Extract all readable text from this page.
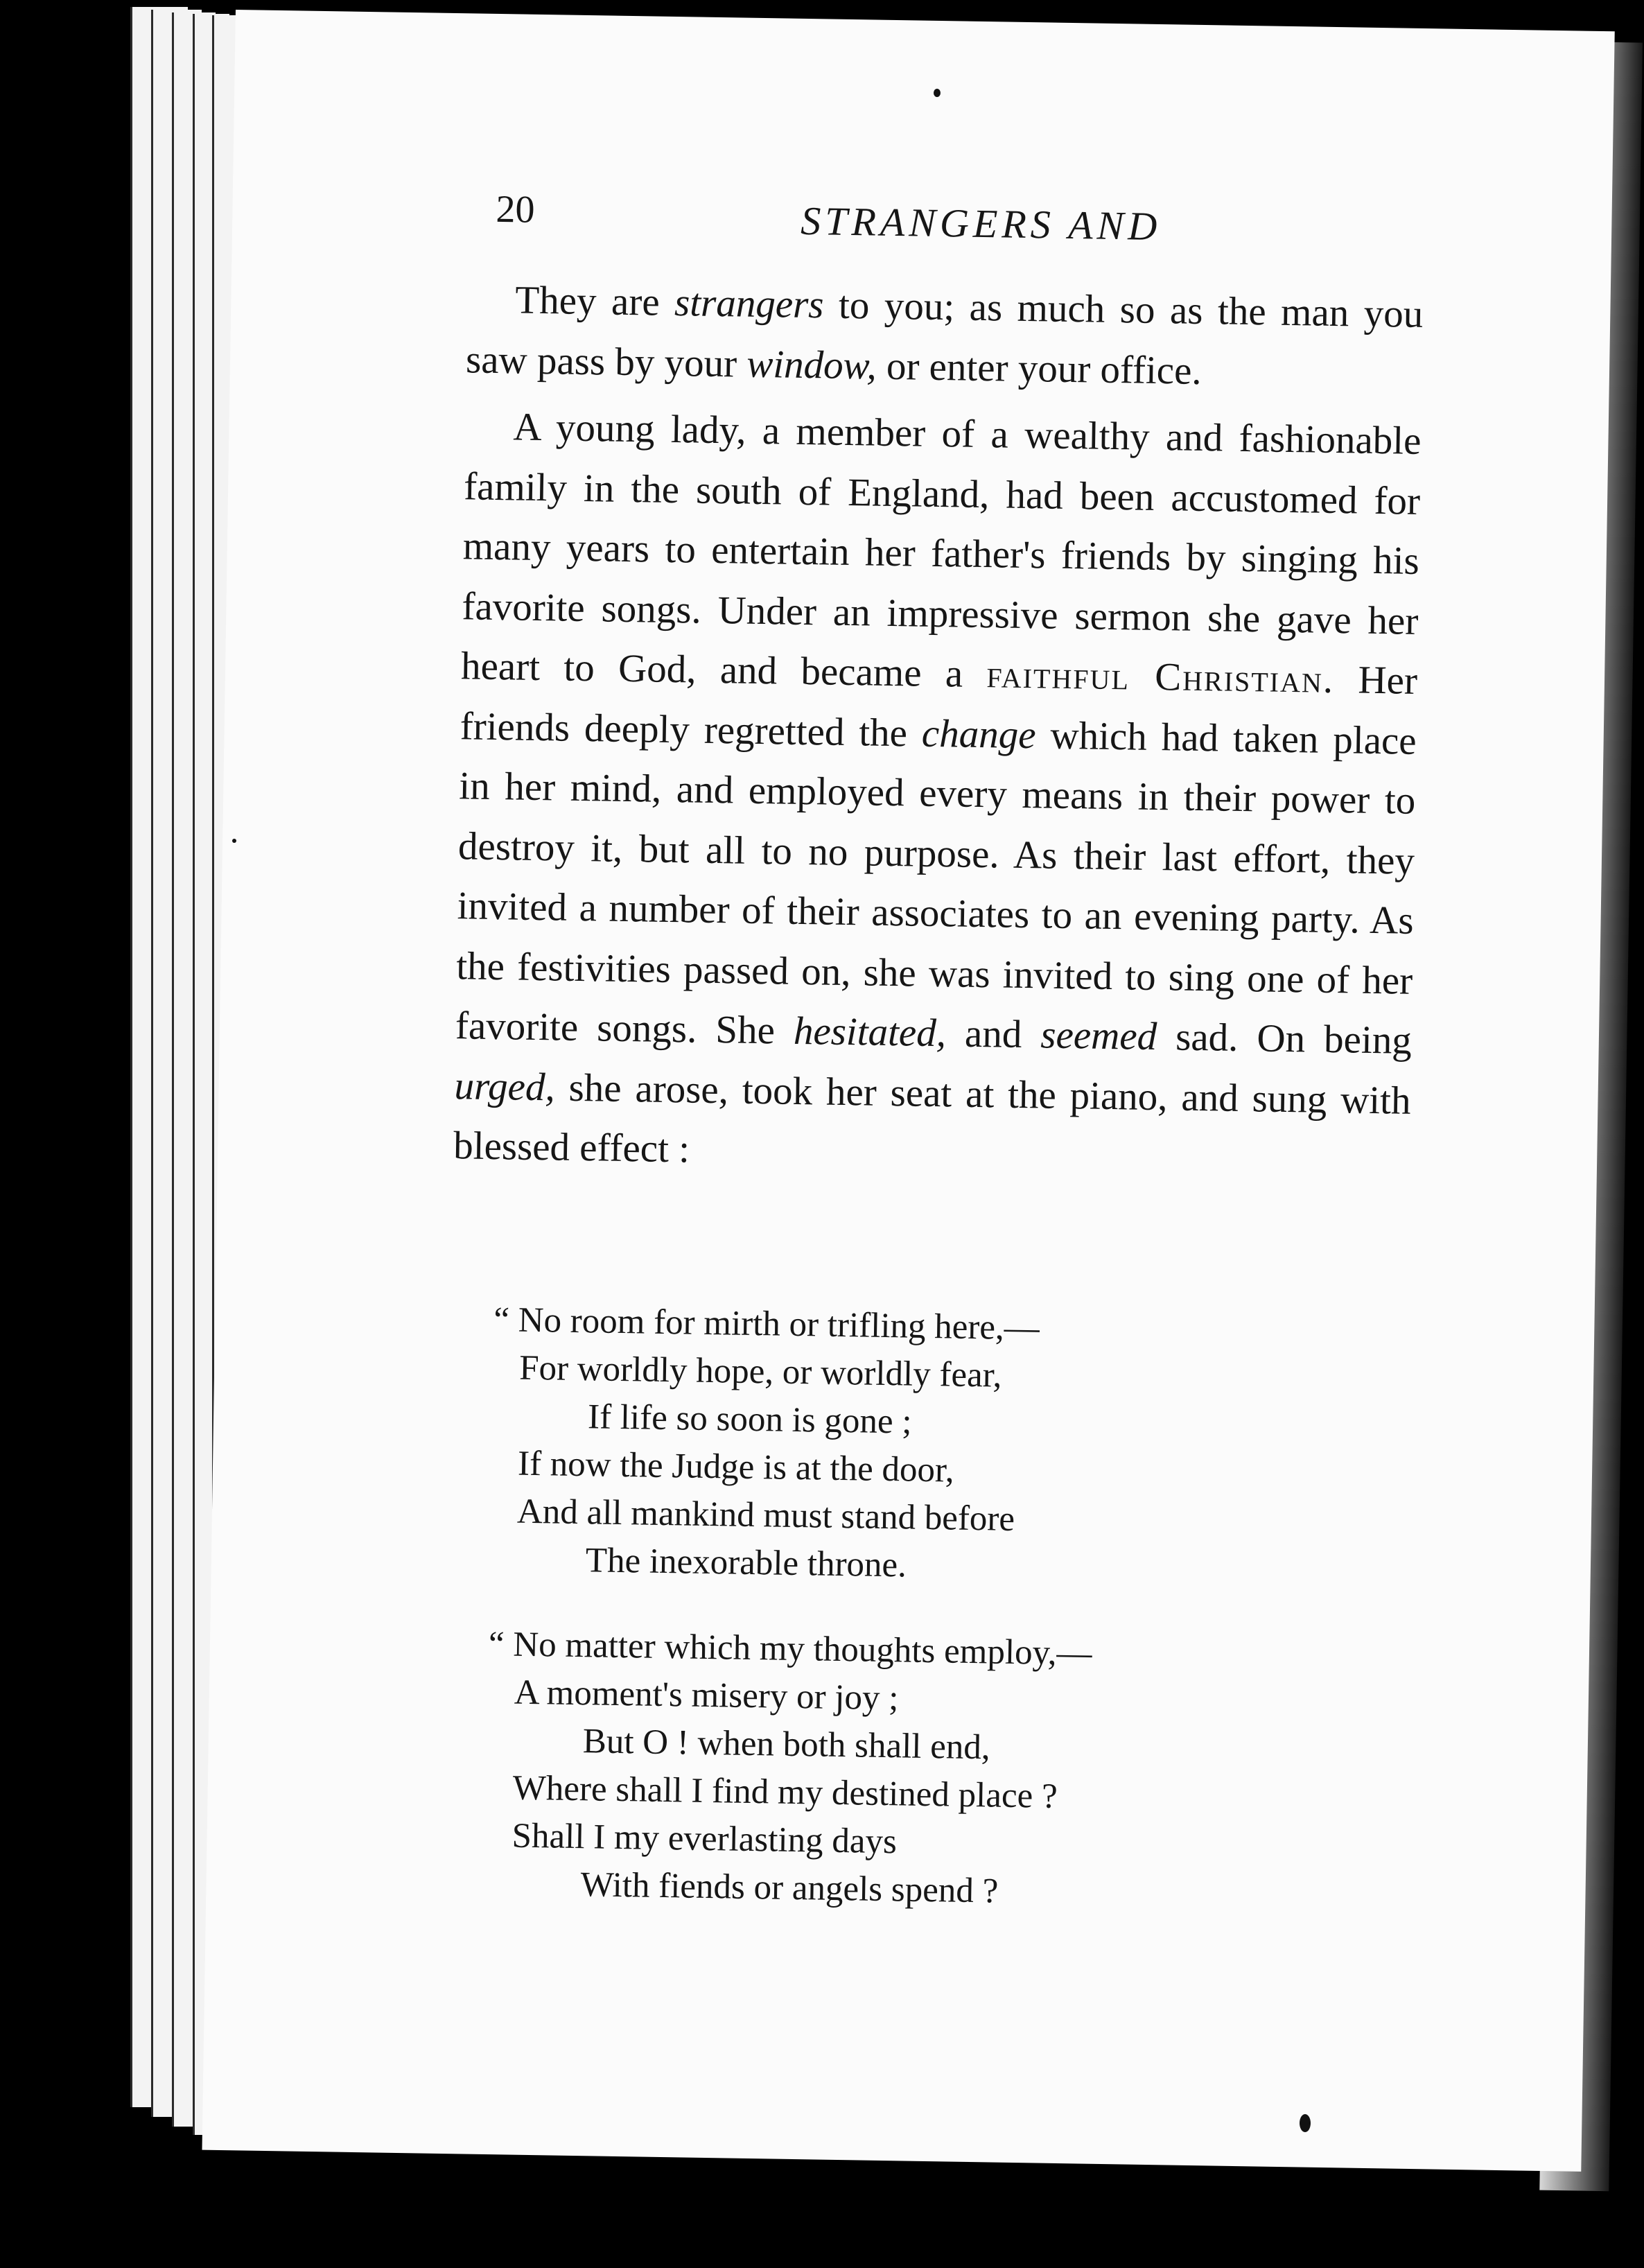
20	STRANGERS AND

They are strangers to you; as much so as the man you saw pass by your window, or enter your office.

A young lady, a member of a wealthy and fashionable family in the south of England, had been accustomed for many years to entertain her father's friends by singing his favorite songs. Under an impressive sermon she gave her heart to God, and became a faithful Christian. Her friends deeply regretted the change which had taken place in her mind, and employed every means in their power to destroy it, but all to no purpose. As their last effort, they invited a number of their associates to an evening party. As the festivities passed on, she was invited to sing one of her favorite songs. She hesitated, and seemed sad. On being urged, she arose, took her seat at the piano, and sung with blessed effect :

“ No room for mirth or trifling here,—
For worldly hope, or worldly fear,
If life so soon is gone ;
If now the Judge is at the door,
And all mankind must stand before
The inexorable throne.
“ No matter which my thoughts employ,—
A moment's misery or joy ;
But O ! when both shall end,
Where shall I find my destined place ?
Shall I my everlasting days
With fiends or angels spend ?
